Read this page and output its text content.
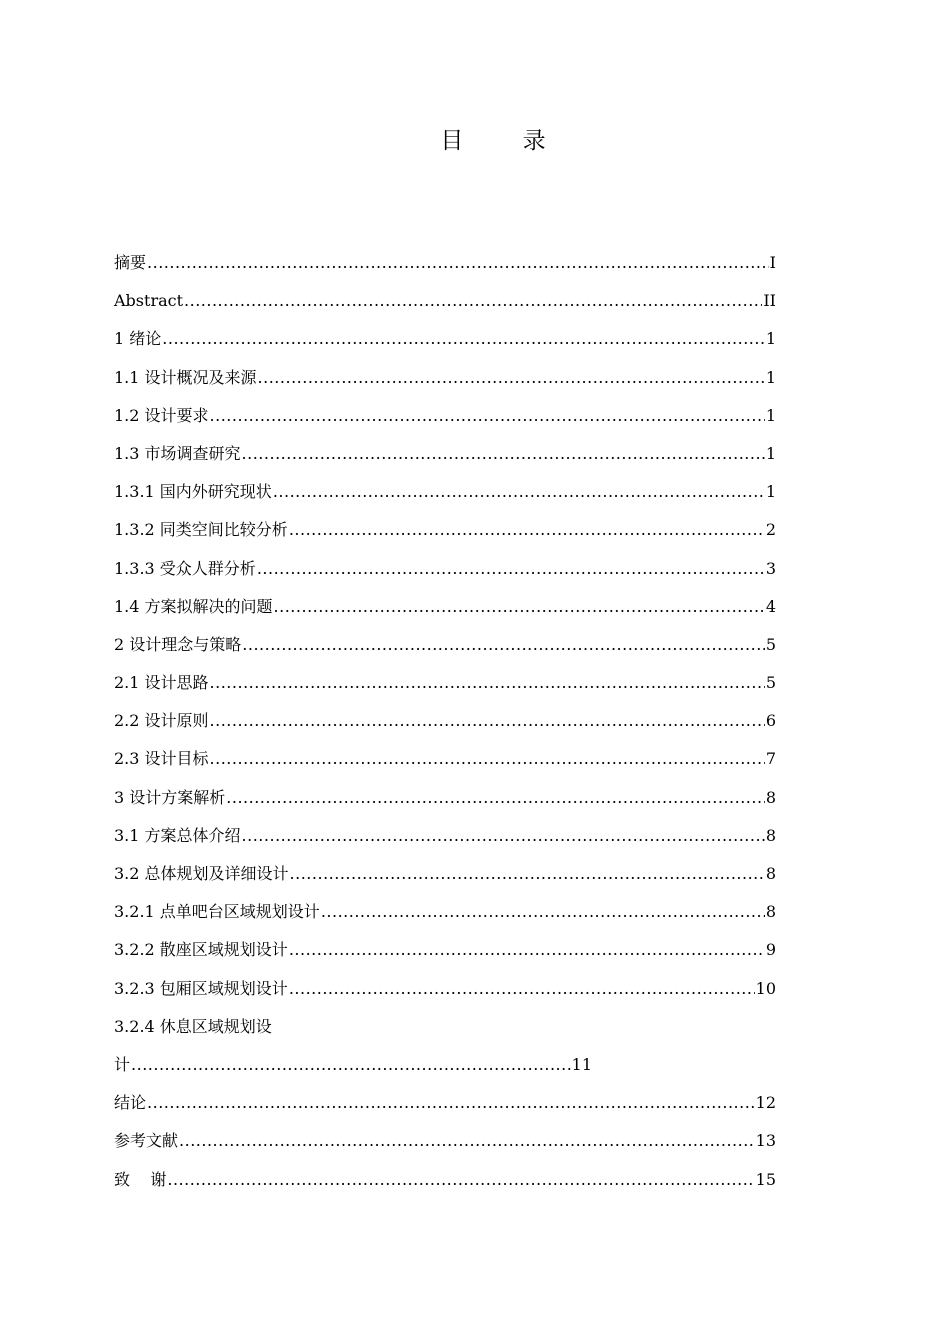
目 录
摘要 .....	I
Abstract .....	II
1 绪论 .....	1
1.1 设计概况及来源 .....	1
1.2 设计要求 .....	1
1.3 市场调查研究 .....	1
1.3.1 国内外研究现状 .....	1
1.3.2 同类空间比较分析 .....	2
1.3.3 受众人群分析 .....	3
1.4 方案拟解决的问题 .....	4
2 设计理念与策略 .....	5
2.1 设计思路 .....	5
2.2 设计原则 .....	6
2.3 设计目标 .....	7
3 设计方案解析 .....	8
3.1 方案总体介绍 .....	8
3.2 总体规划及详细设计 .....	8
3.2.1 点单吧台区域规划设计 .....	8
3.2.2 散座区域规划设计 .....	9
3.2.3 包厢区域规划设计 .....	10
3.2.4 休息区域规划设
计 .....	11
结论 .....	12
参考文献 .....	13
致    谢 .....	15
